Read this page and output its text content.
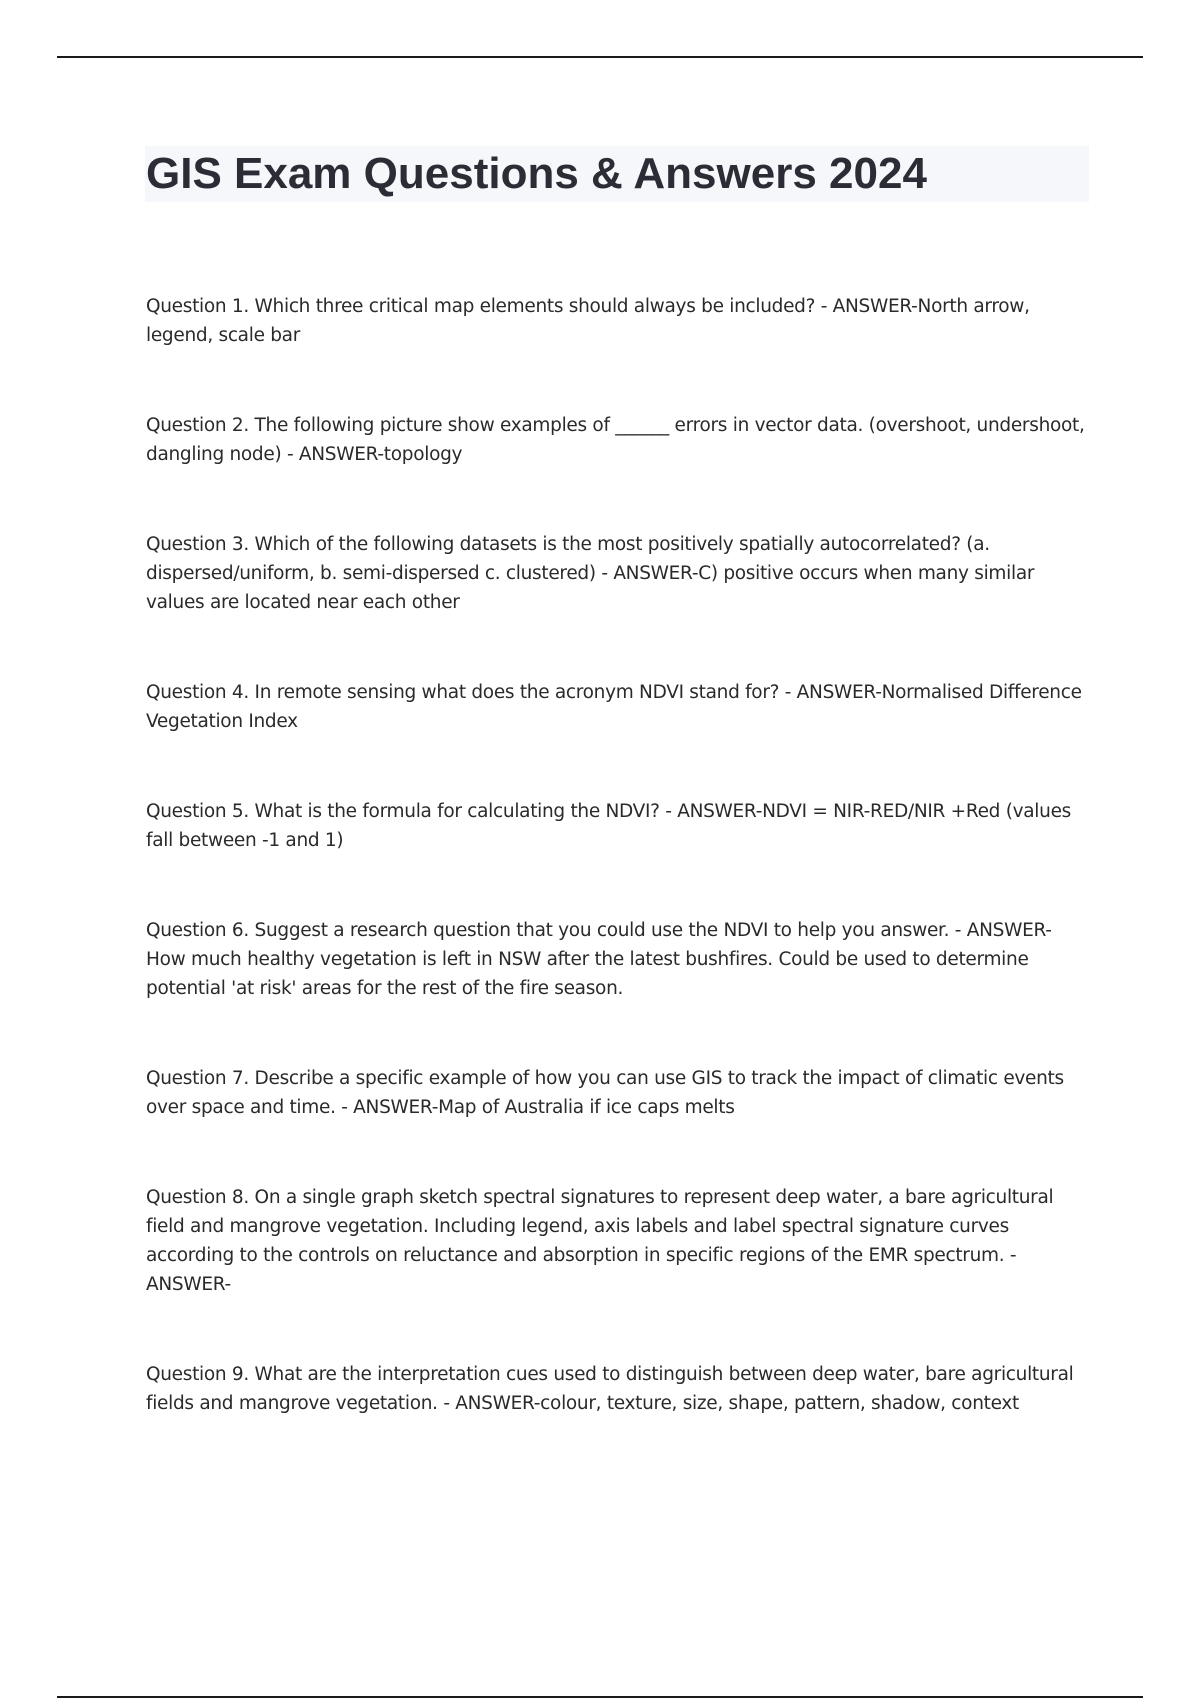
GIS Exam Questions & Answers 2024

Question 1. Which three critical map elements should always be included? - ANSWER-North arrow, legend, scale bar

Question 2. The following picture show examples of ______ errors in vector data. (overshoot, undershoot, dangling node) - ANSWER-topology

Question 3. Which of the following datasets is the most positively spatially autocorrelated? (a. dispersed/uniform, b. semi-dispersed c. clustered) - ANSWER-C) positive occurs when many similar values are located near each other

Question 4. In remote sensing what does the acronym NDVI stand for? - ANSWER-Normalised Difference Vegetation Index

Question 5. What is the formula for calculating the NDVI? - ANSWER-NDVI = NIR-RED/NIR +Red (values fall between -1 and 1)

Question 6. Suggest a research question that you could use the NDVI to help you answer. - ANSWER-How much healthy vegetation is left in NSW after the latest bushfires. Could be used to determine potential 'at risk' areas for the rest of the fire season.

Question 7. Describe a specific example of how you can use GIS to track the impact of climatic events over space and time. - ANSWER-Map of Australia if ice caps melts

Question 8. On a single graph sketch spectral signatures to represent deep water, a bare agricultural field and mangrove vegetation. Including legend, axis labels and label spectral signature curves according to the controls on reluctance and absorption in specific regions of the EMR spectrum. - ANSWER-

Question 9. What are the interpretation cues used to distinguish between deep water, bare agricultural fields and mangrove vegetation. - ANSWER-colour, texture, size, shape, pattern, shadow, context
